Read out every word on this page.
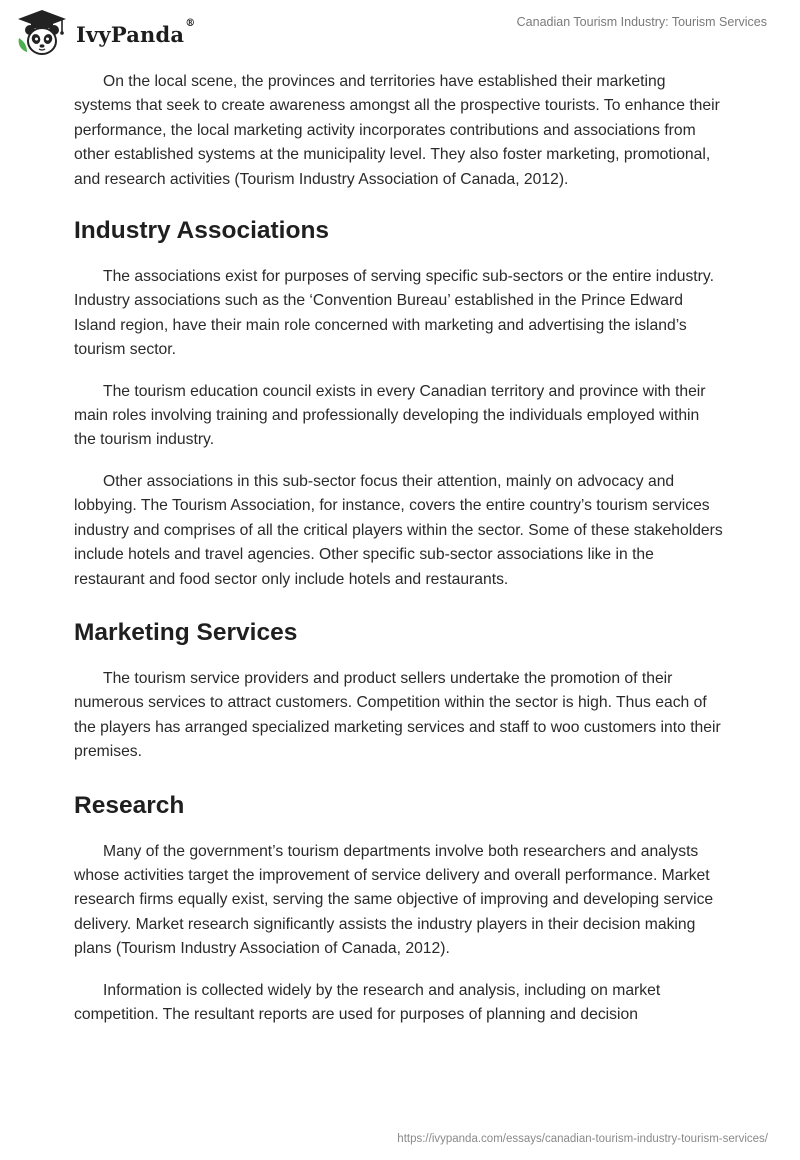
IvyPanda®	Canadian Tourism Industry: Tourism Services

On the local scene, the provinces and territories have established their marketing systems that seek to create awareness amongst all the prospective tourists. To enhance their performance, the local marketing activity incorporates contributions and associations from other established systems at the municipality level. They also foster marketing, promotional, and research activities (Tourism Industry Association of Canada, 2012).

Industry Associations

The associations exist for purposes of serving specific sub-sectors or the entire industry. Industry associations such as the ‘Convention Bureau’ established in the Prince Edward Island region, have their main role concerned with marketing and advertising the island’s tourism sector.

The tourism education council exists in every Canadian territory and province with their main roles involving training and professionally developing the individuals employed within the tourism industry.

Other associations in this sub-sector focus their attention, mainly on advocacy and lobbying. The Tourism Association, for instance, covers the entire country’s tourism services industry and comprises of all the critical players within the sector. Some of these stakeholders include hotels and travel agencies. Other specific sub-sector associations like in the restaurant and food sector only include hotels and restaurants.

Marketing Services

The tourism service providers and product sellers undertake the promotion of their numerous services to attract customers. Competition within the sector is high. Thus each of the players has arranged specialized marketing services and staff to woo customers into their premises.

Research

Many of the government’s tourism departments involve both researchers and analysts whose activities target the improvement of service delivery and overall performance. Market research firms equally exist, serving the same objective of improving and developing service delivery. Market research significantly assists the industry players in their decision making plans (Tourism Industry Association of Canada, 2012).

Information is collected widely by the research and analysis, including on market competition. The resultant reports are used for purposes of planning and decision

https://ivypanda.com/essays/canadian-tourism-industry-tourism-services/
